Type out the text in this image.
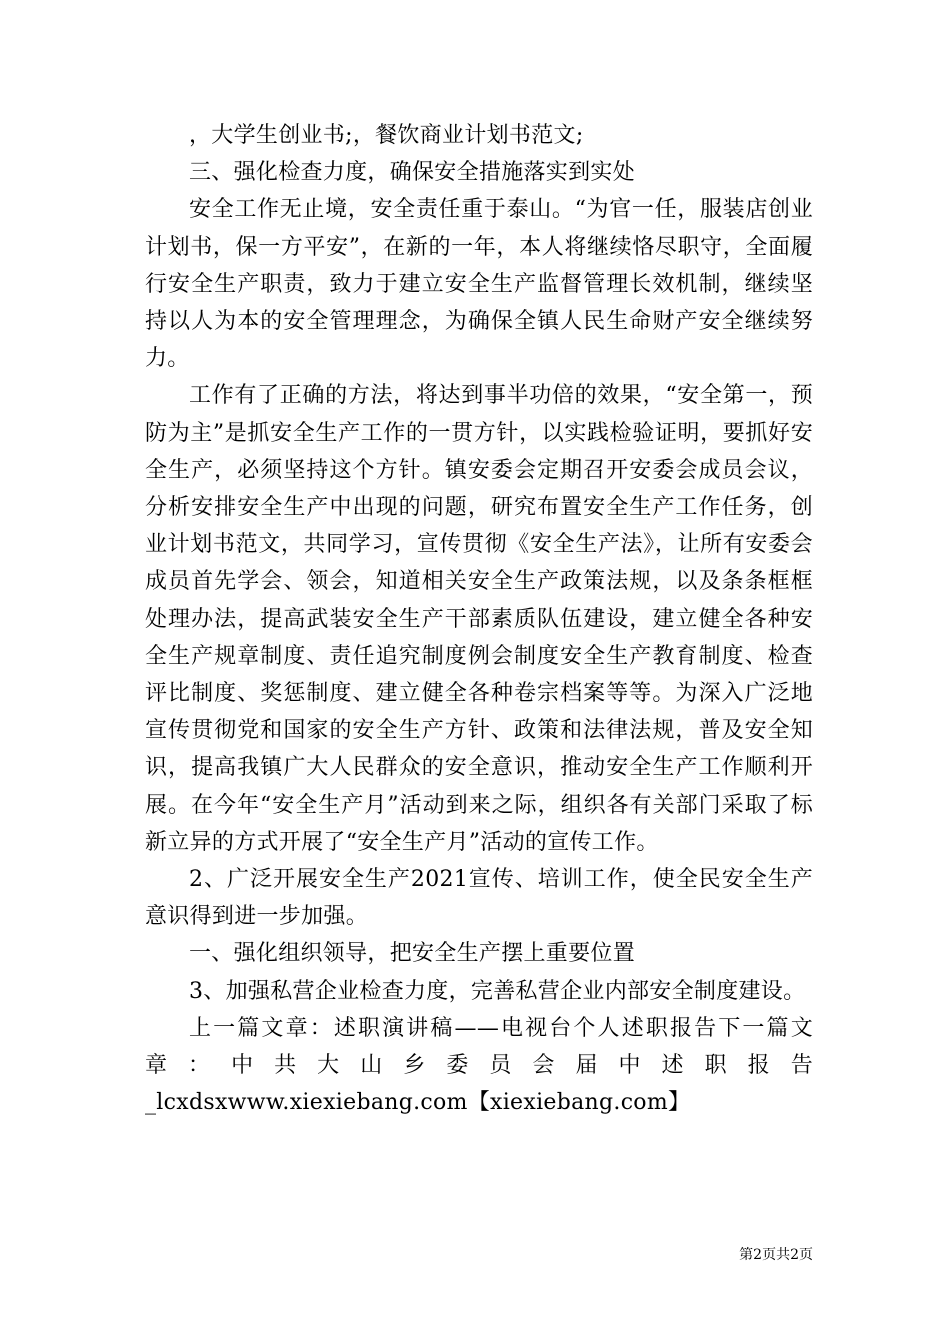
，大学生创业书;，餐饮商业计划书范文;

三、强化检查力度，确保安全措施落实到实处

安全工作无止境，安全责任重于泰山。“为官一任，服装店创业计划书，保一方平安”，在新的一年，本人将继续恪尽职守，全面履行安全生产职责，致力于建立安全生产监督管理长效机制，继续坚持以人为本的安全管理理念，为确保全镇人民生命财产安全继续努力。

工作有了正确的方法，将达到事半功倍的效果，“安全第一，预防为主”是抓安全生产工作的一贯方针，以实践检验证明，要抓好安全生产，必须坚持这个方针。镇安委会定期召开安委会成员会议，分析安排安全生产中出现的问题，研究布置安全生产工作任务，创业计划书范文，共同学习，宣传贯彻《安全生产法》，让所有安委会成员首先学会、领会，知道相关安全生产政策法规，以及条条框框处理办法，提高武装安全生产干部素质队伍建设，建立健全各种安全生产规章制度、责任追究制度例会制度安全生产教育制度、检查评比制度、奖惩制度、建立健全各种卷宗档案等等。为深入广泛地宣传贯彻党和国家的安全生产方针、政策和法律法规，普及安全知识，提高我镇广大人民群众的安全意识，推动安全生产工作顺利开展。在今年“安全生产月”活动到来之际，组织各有关部门采取了标新立异的方式开展了“安全生产月”活动的宣传工作。

2、广泛开展安全生产2021宣传、培训工作，使全民安全生产意识得到进一步加强。

一、强化组织领导，把安全生产摆上重要位置

3、加强私营企业检查力度，完善私营企业内部安全制度建设。

上一篇文章：述职演讲稿——电视台个人述职报告下一篇文章：中共大山乡委员会届中述职报告_lcxdsxwww.xiexiebang.com【xiexiebang.com】

第2页共2页
